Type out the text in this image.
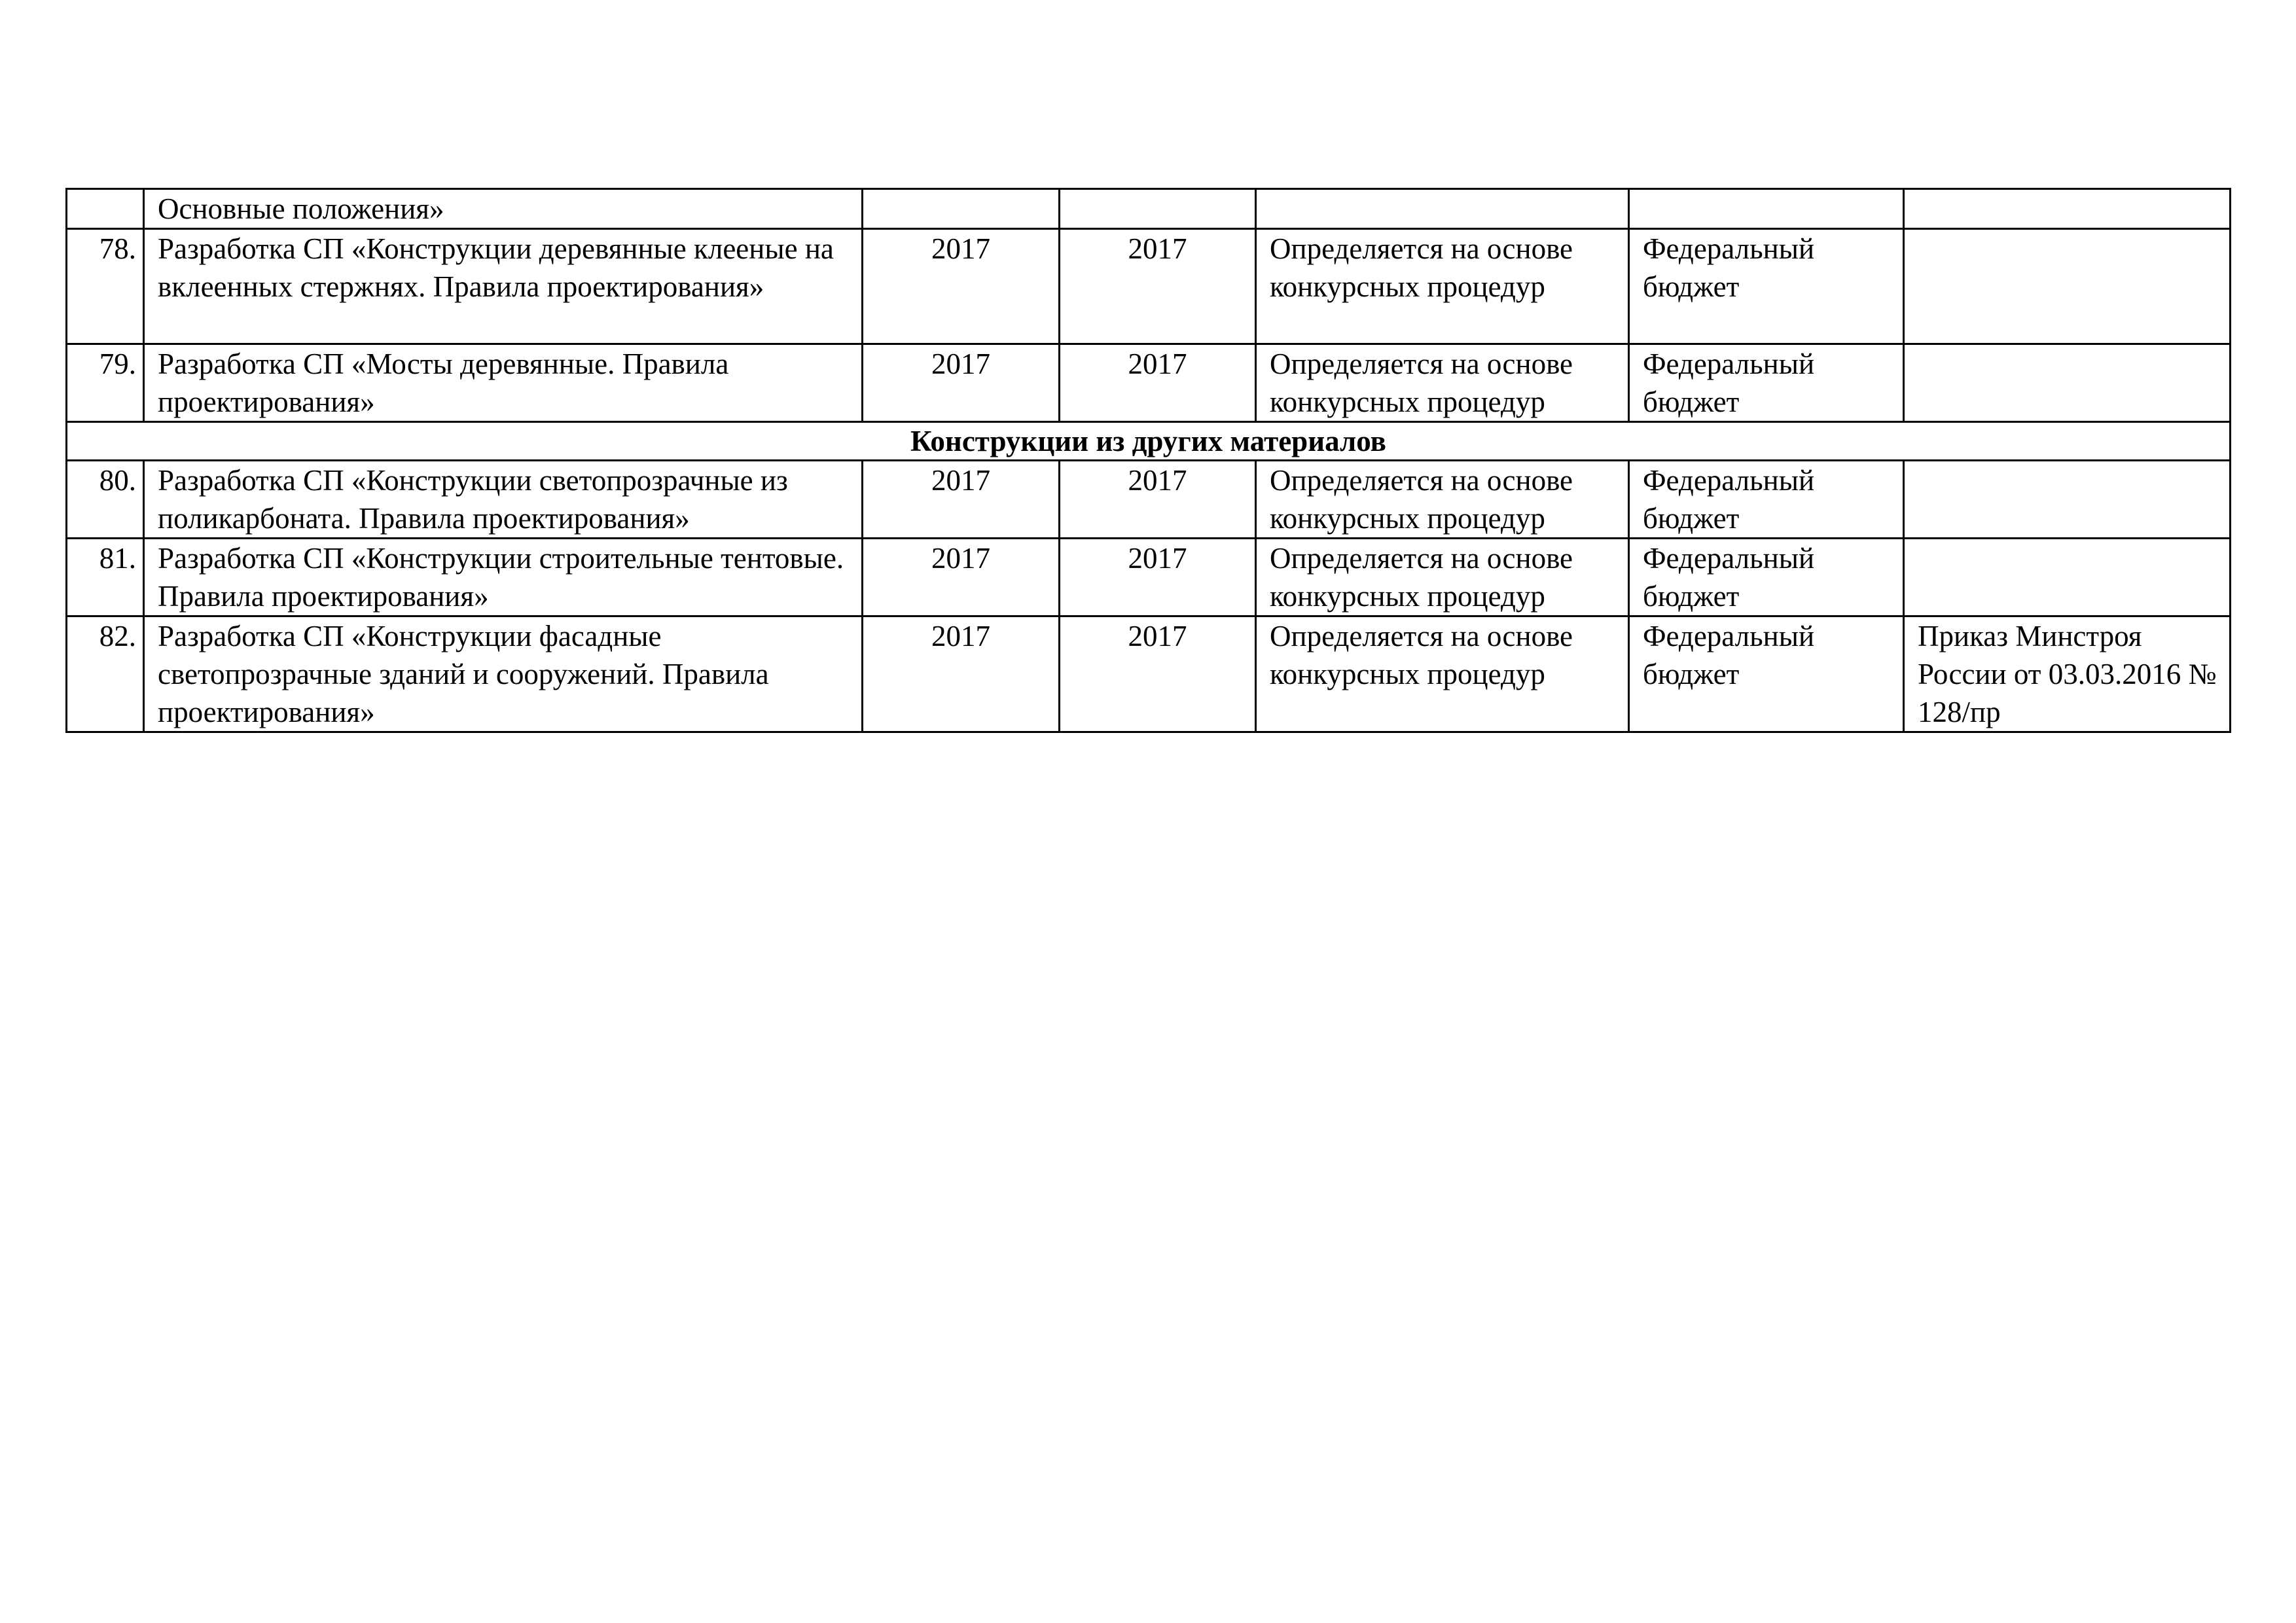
	Основные положения»					
78.	Разработка СП «Конструкции деревянные клееные на вклеенных стержнях. Правила проектирования»	2017	2017	Определяется на основе конкурсных процедур	Федеральный бюджет	
79.	Разработка СП «Мосты деревянные. Правила проектирования»	2017	2017	Определяется на основе конкурсных процедур	Федеральный бюджет	
Конструкции из других материалов						
80.	Разработка СП «Конструкции светопрозрачные из поликарбоната. Правила проектирования»	2017	2017	Определяется на основе конкурсных процедур	Федеральный бюджет	
81.	Разработка СП «Конструкции строительные тентовые. Правила проектирования»	2017	2017	Определяется на основе конкурсных процедур	Федеральный бюджет	
82.	Разработка СП «Конструкции фасадные светопрозрачные зданий и сооружений. Правила проектирования»	2017	2017	Определяется на основе конкурсных процедур	Федеральный бюджет	Приказ Минстроя России от 03.03.2016 № 128/пр
